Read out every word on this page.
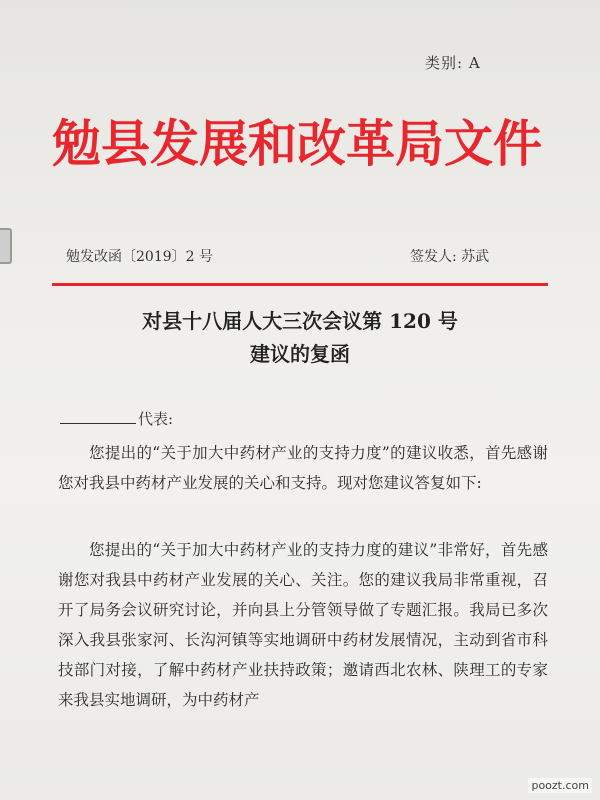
类别: A
勉县发展和改革局文件
勉发改函〔2019〕2 号	签发人: 苏武
对县十八届人大三次会议第 120 号
建议的复函
代表:

您提出的“关于加大中药材产业的支持力度”的建议收悉，首先感谢您对我县中药材产业发展的关心和支持。现对您建议答复如下:

您提出的“关于加大中药材产业的支持力度的建议”非常好，首先感谢您对我县中药材产业发展的关心、关注。您的建议我局非常重视，召开了局务会议研究讨论，并向县上分管领导做了专题汇报。我局已多次深入我县张家河、长沟河镇等实地调研中药材发展情况，主动到省市科技部门对接，了解中药材产业扶持政策；邀请西北农林、陕理工的专家来我县实地调研，为中药材产

poozt.com
